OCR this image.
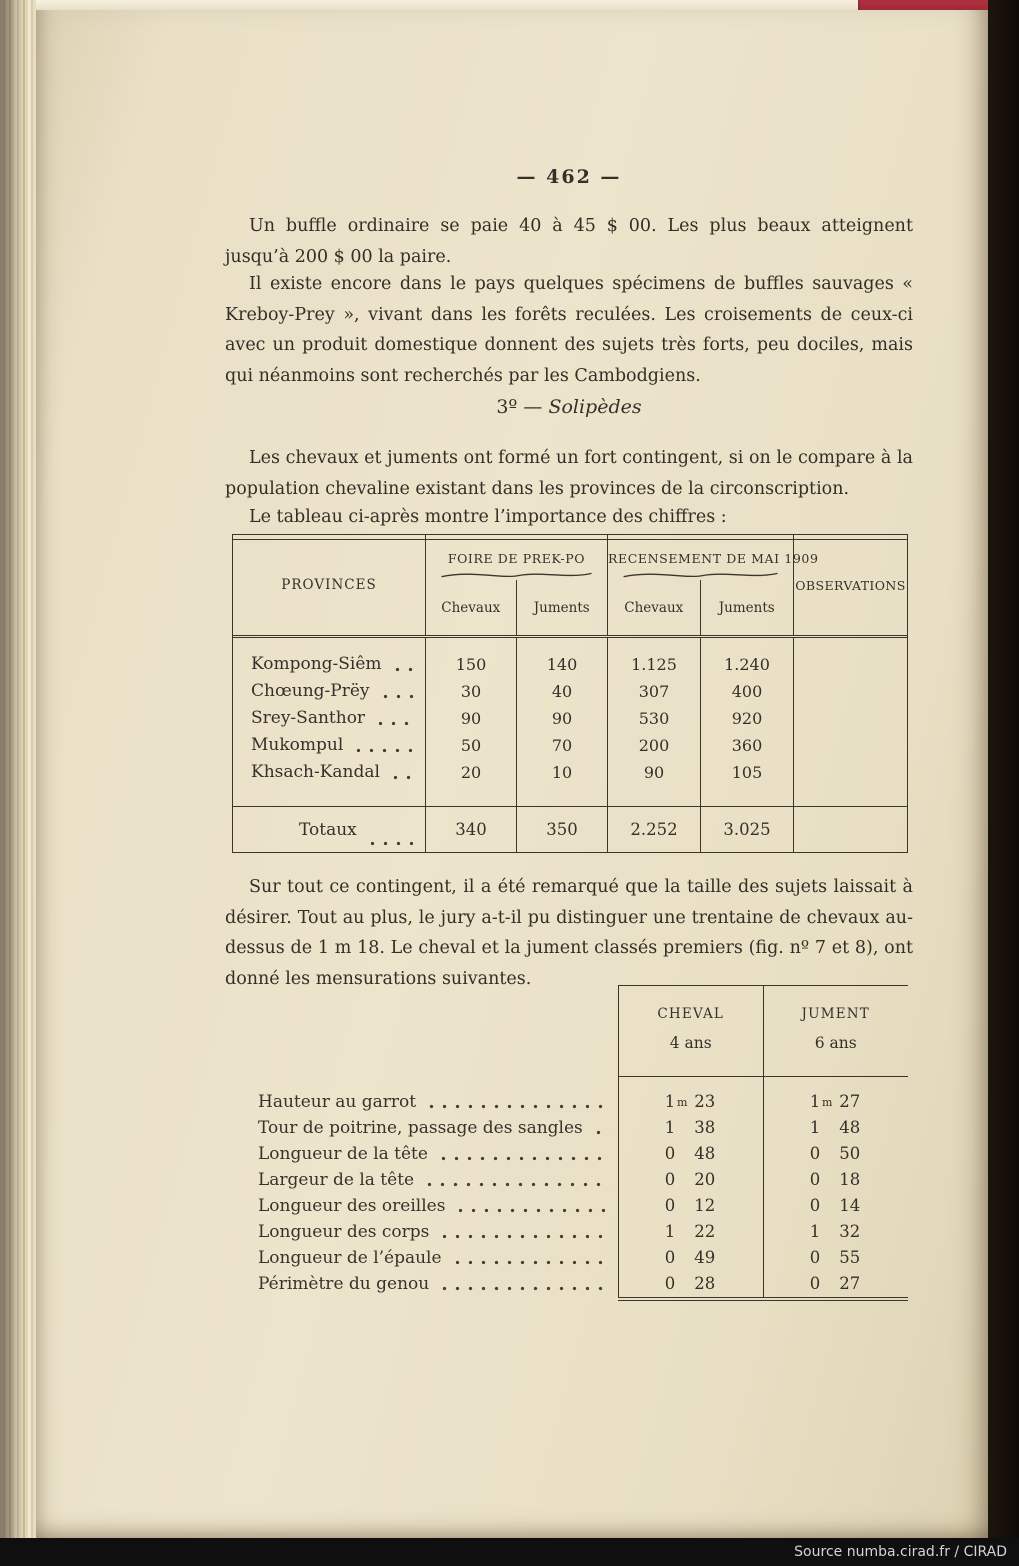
— 462 —

Un buffle ordinaire se paie 40 à 45 $ 00. Les plus beaux atteignent jusqu’à 200 $ 00 la paire.

Il existe encore dans le pays quelques spécimens de buffles sauvages « Kreboy-Prey », vivant dans les forêts reculées. Les croisements de ceux-ci avec un produit domestique donnent des sujets très forts, peu dociles, mais qui néanmoins sont recherchés par les Cambodgiens.

3º — Solipèdes

Les chevaux et juments ont formé un fort contingent, si on le compare à la population chevaline existant dans les provinces de la circonscription.

Le tableau ci-après montre l’importance des chiffres :

PROVINCES
FOIRE DE PREK-PO
Chevaux	Juments
RECENSEMENT DE MAI 1909
Chevaux	Juments
OBSERVATIONS
Kompong-Siêm	150	140	1.125	1.240
Chœung-Prëy	30	40	307	400
Srey-Santhor	90	90	530	920
Mukompul	50	70	200	360
Khsach-Kandal	20	10	90	105
Totaux	340	350	2.252	3.025

Sur tout ce contingent, il a été remarqué que la taille des sujets laissait à désirer. Tout au plus, le jury a-t-il pu distinguer une trentaine de chevaux au-dessus de 1 m 18. Le cheval et la jument classés premiers (fig. nº 7 et 8), ont donné les mensurations suivantes.

CHEVAL
4 ans
JUMENT
6 ans
Hauteur au garrot	1$^m$ 23	1$^m$ 27
Tour de poitrine, passage des sangles	1 38	1 48
Longueur de la tête	0 48	0 50
Largeur de la tête	0 20	0 18
Longueur des oreilles	0 12	0 14
Longueur des corps	1 22	1 32
Longueur de l’épaule	0 49	0 55
Périmètre du genou	0 28	0 27
Source numba.cirad.fr / CIRAD
